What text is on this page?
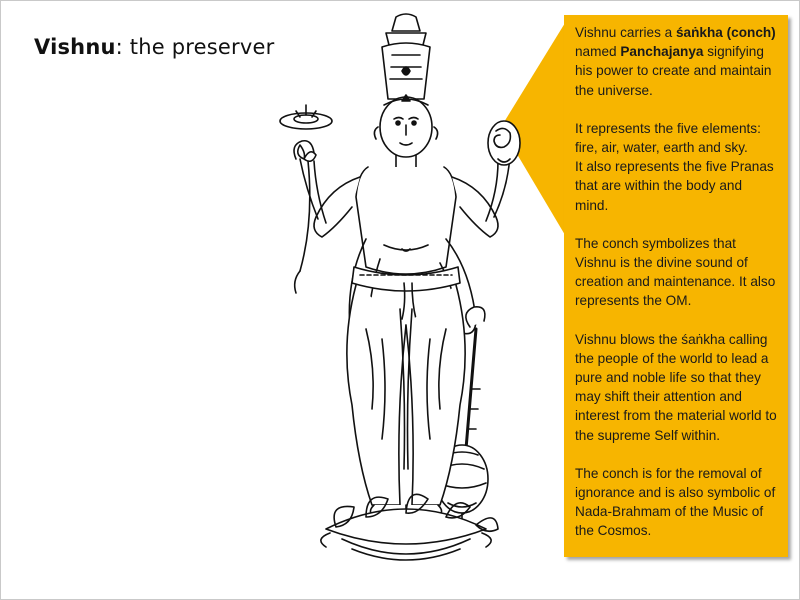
Vishnu: the preserver

Vishnu carries a śaṅkha (conch) named Panchajanya signifying his power to create and maintain the universe.

It represents the five elements: fire, air, water, earth and sky.
It also represents the five Pranas that are within the body and mind.

The conch symbolizes that Vishnu is the divine sound of creation and maintenance. It also represents the OM.

Vishnu blows the śaṅkha calling the people of the world to lead a pure and noble life so that they may shift their attention and interest from the material world to the supreme Self within.

The conch is for the removal of ignorance and is also symbolic of Nada-Brahmam of the Music of the Cosmos.
